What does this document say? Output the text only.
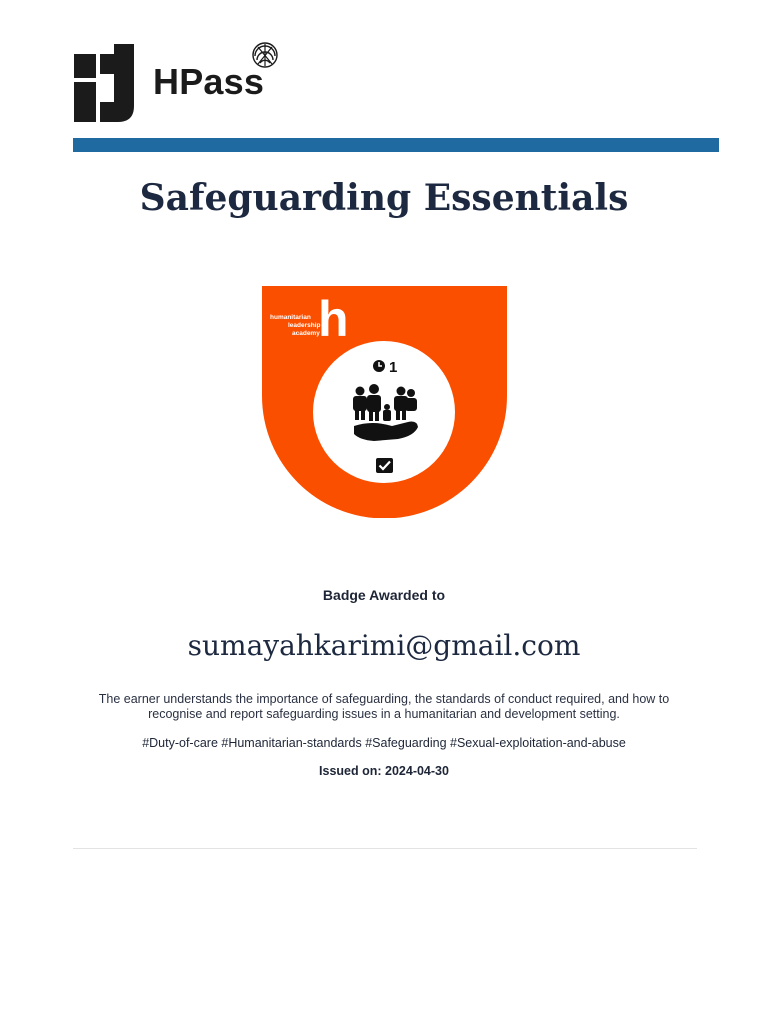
HPass
Safeguarding Essentials
humanitarian
leadership
academy
h
1
Badge Awarded to
sumayahkarimi@gmail.com
The earner understands the importance of safeguarding, the standards of conduct required, and how to recognise and report safeguarding issues in a humanitarian and development setting.
#Duty-of-care #Humanitarian-standards #Safeguarding #Sexual-exploitation-and-abuse
Issued on: 2024-04-30
